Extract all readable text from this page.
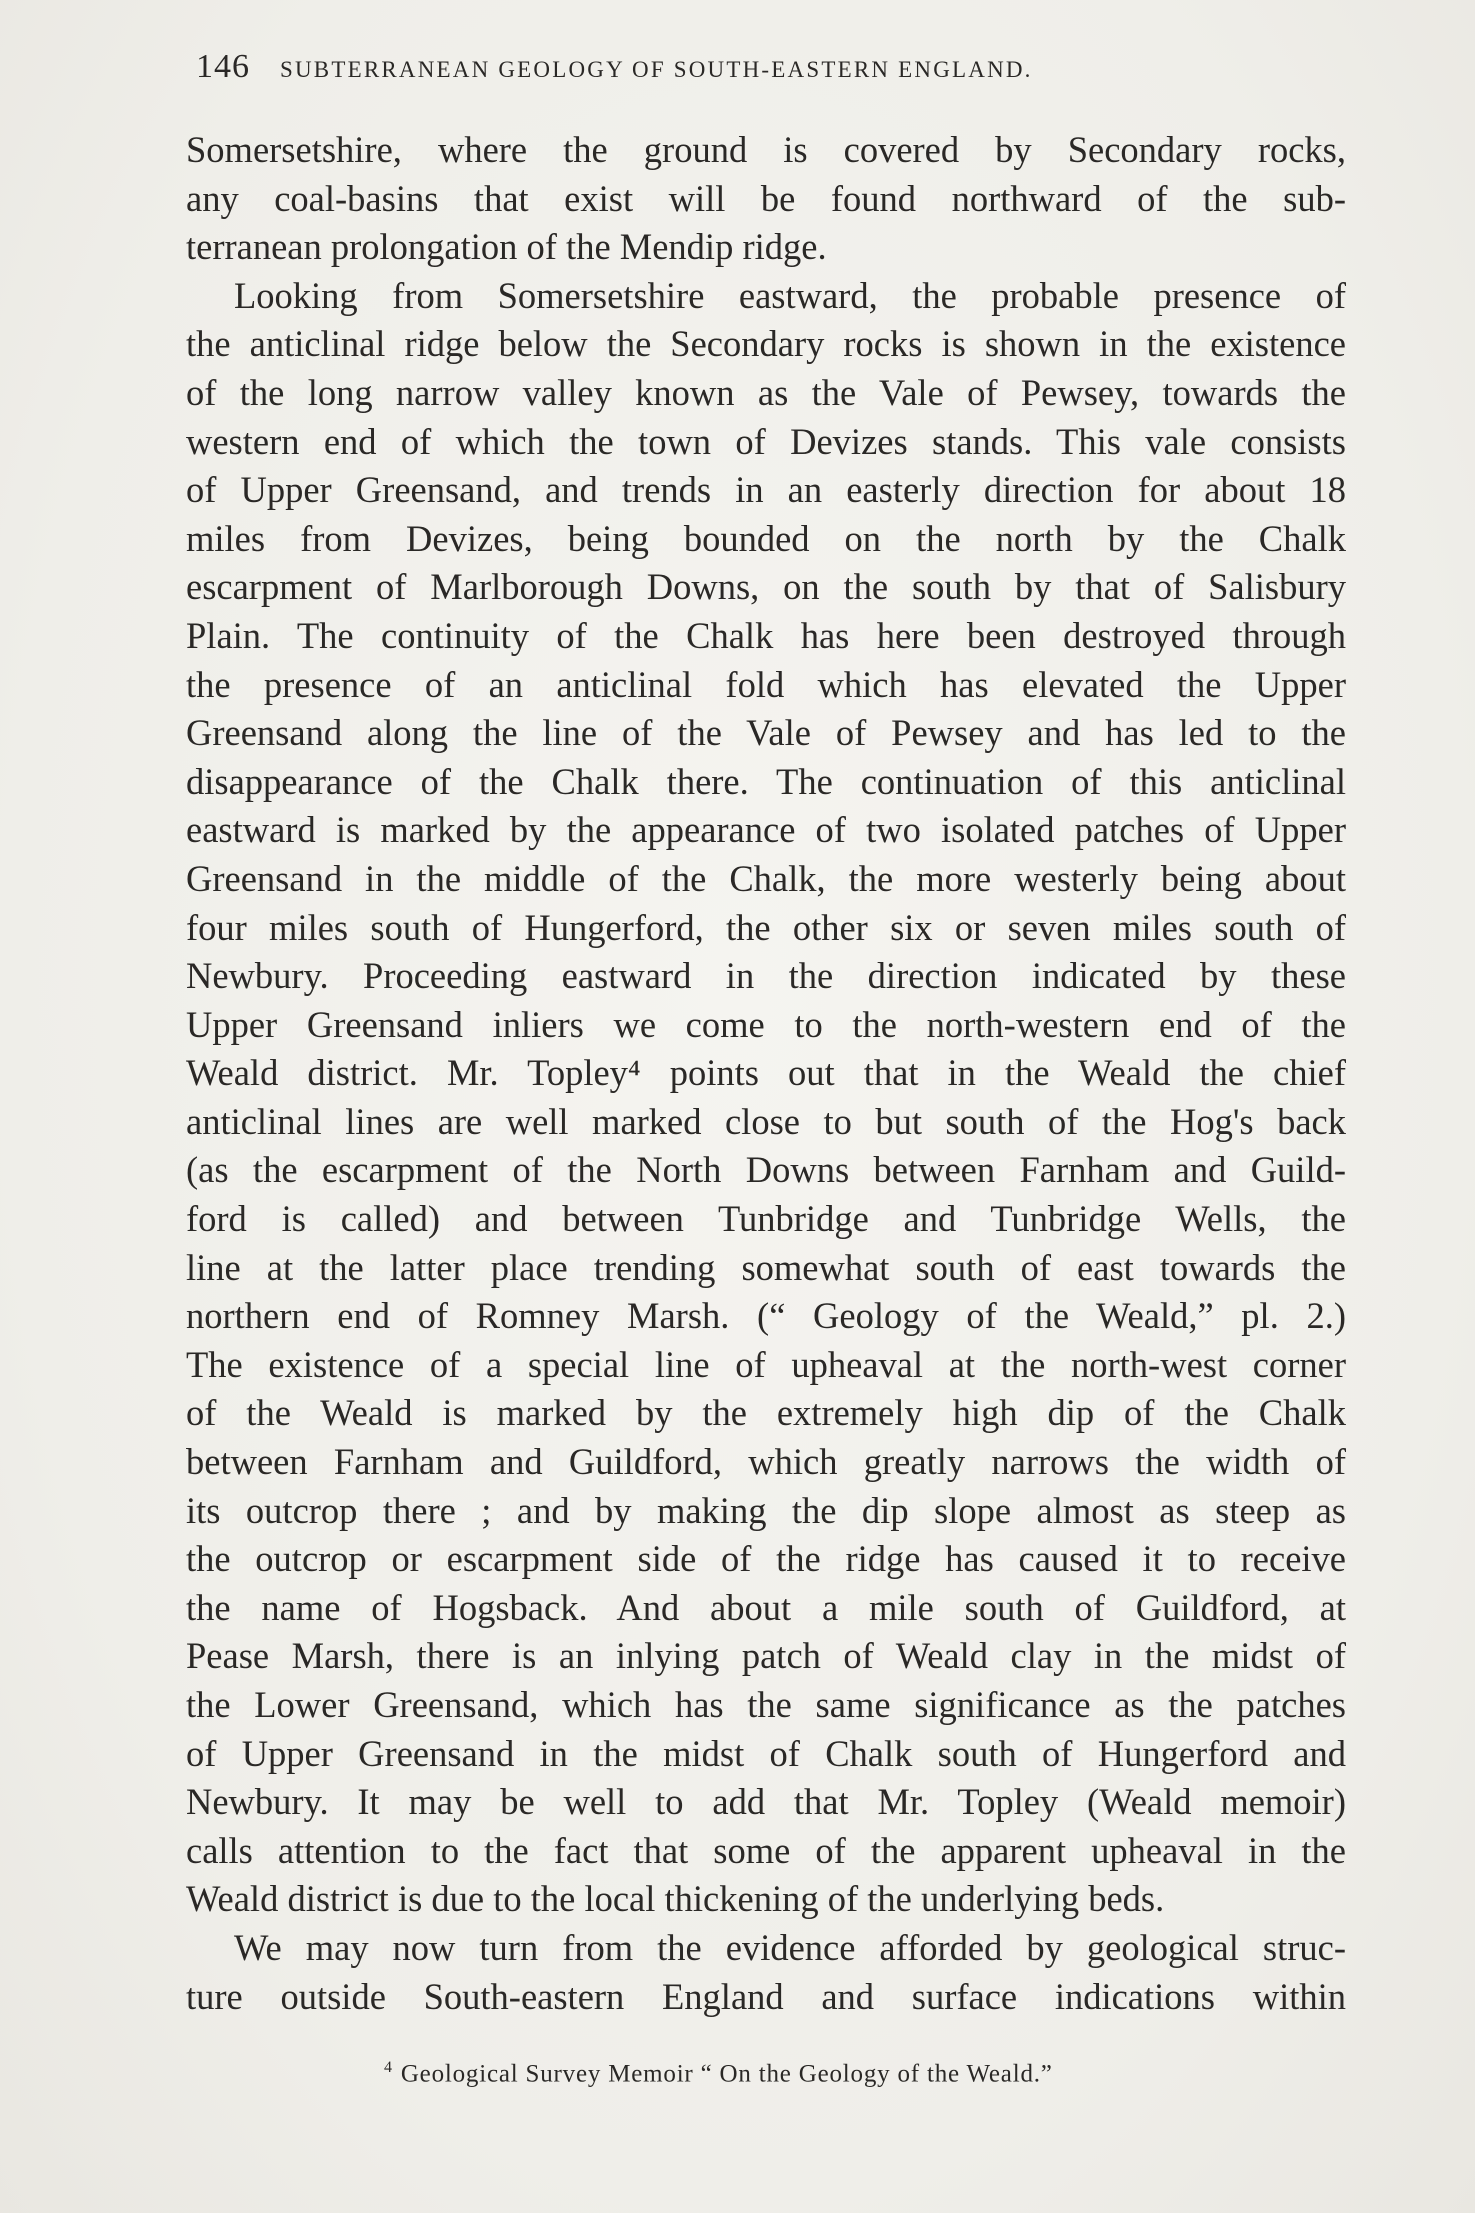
146 SUBTERRANEAN GEOLOGY OF SOUTH-EASTERN ENGLAND.
Somersetshire, where the ground is covered by Secondary rocks,
any coal-basins that exist will be found northward of the sub-
terranean prolongation of the Mendip ridge.
Looking from Somersetshire eastward, the probable presence of
the anticlinal ridge below the Secondary rocks is shown in the existence
of the long narrow valley known as the Vale of Pewsey, towards the
western end of which the town of Devizes stands. This vale consists
of Upper Greensand, and trends in an easterly direction for about 18
miles from Devizes, being bounded on the north by the Chalk
escarpment of Marlborough Downs, on the south by that of Salisbury
Plain. The continuity of the Chalk has here been destroyed through
the presence of an anticlinal fold which has elevated the Upper
Greensand along the line of the Vale of Pewsey and has led to the
disappearance of the Chalk there. The continuation of this anticlinal
eastward is marked by the appearance of two isolated patches of Upper
Greensand in the middle of the Chalk, the more westerly being about
four miles south of Hungerford, the other six or seven miles south of
Newbury. Proceeding eastward in the direction indicated by these
Upper Greensand inliers we come to the north-western end of the
Weald district. Mr. Topley⁴ points out that in the Weald the chief
anticlinal lines are well marked close to but south of the Hog's back
(as the escarpment of the North Downs between Farnham and Guild-
ford is called) and between Tunbridge and Tunbridge Wells, the
line at the latter place trending somewhat south of east towards the
northern end of Romney Marsh. (“ Geology of the Weald,” pl. 2.)
The existence of a special line of upheaval at the north-west corner
of the Weald is marked by the extremely high dip of the Chalk
between Farnham and Guildford, which greatly narrows the width of
its outcrop there ; and by making the dip slope almost as steep as
the outcrop or escarpment side of the ridge has caused it to receive
the name of Hogsback. And about a mile south of Guildford, at
Pease Marsh, there is an inlying patch of Weald clay in the midst of
the Lower Greensand, which has the same significance as the patches
of Upper Greensand in the midst of Chalk south of Hungerford and
Newbury. It may be well to add that Mr. Topley (Weald memoir)
calls attention to the fact that some of the apparent upheaval in the
Weald district is due to the local thickening of the underlying beds.
We may now turn from the evidence afforded by geological struc-
ture outside South-eastern England and surface indications within
$^4$ Geological Survey Memoir “ On the Geology of the Weald.”
